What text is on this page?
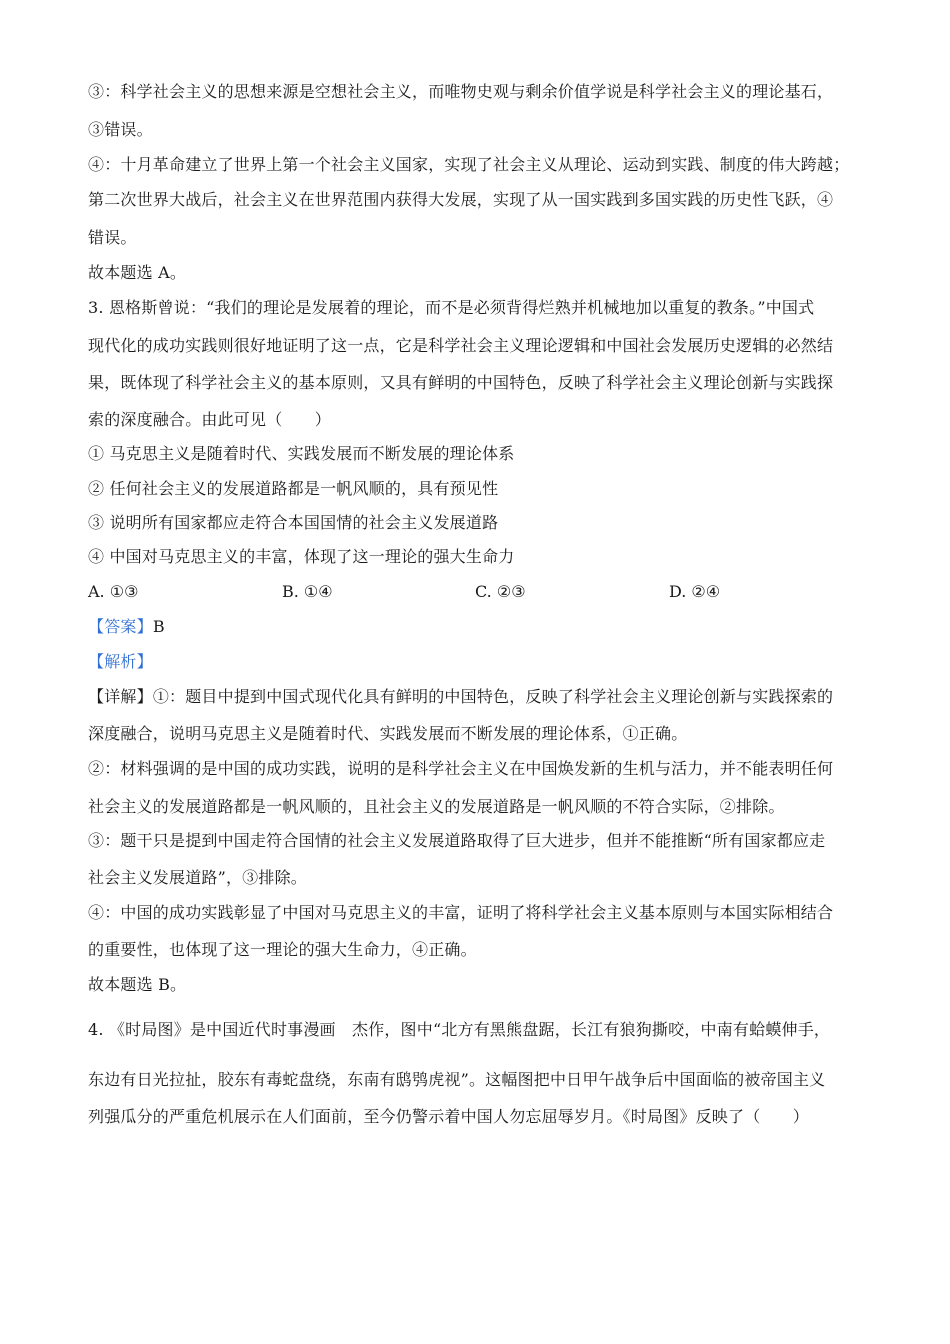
③：科学社会主义的思想来源是空想社会主义，而唯物史观与剩余价值学说是科学社会主义的理论基石，
③错误。
④：十月革命建立了世界上第一个社会主义国家，实现了社会主义从理论、运动到实践、制度的伟大跨越；
第二次世界大战后，社会主义在世界范围内获得大发展，实现了从一国实践到多国实践的历史性飞跃，④
错误。
故本题选 A。
3. 恩格斯曾说：“我们的理论是发展着的理论，而不是必须背得烂熟并机械地加以重复的教条。”中国式
现代化的成功实践则很好地证明了这一点，它是科学社会主义理论逻辑和中国社会发展历史逻辑的必然结
果，既体现了科学社会主义的基本原则，又具有鲜明的中国特色，反映了科学社会主义理论创新与实践探
索的深度融合。由此可见（　　）
① 马克思主义是随着时代、实践发展而不断发展的理论体系
② 任何社会主义的发展道路都是一帆风顺的，具有预见性
③ 说明所有国家都应走符合本国国情的社会主义发展道路
④ 中国对马克思主义的丰富，体现了这一理论的强大生命力
A. ①③	B. ①④	C. ②③	D. ②④
【答案】B
【解析】
【详解】①：题目中提到中国式现代化具有鲜明的中国特色，反映了科学社会主义理论创新与实践探索的
深度融合，说明马克思主义是随着时代、实践发展而不断发展的理论体系，①正确。
②：材料强调的是中国的成功实践，说明的是科学社会主义在中国焕发新的生机与活力，并不能表明任何
社会主义的发展道路都是一帆风顺的，且社会主义的发展道路是一帆风顺的不符合实际，②排除。
③：题干只是提到中国走符合国情的社会主义发展道路取得了巨大进步，但并不能推断“所有国家都应走
社会主义发展道路”，③排除。
④：中国的成功实践彰显了中国对马克思主义的丰富，证明了将科学社会主义基本原则与本国实际相结合
的重要性，也体现了这一理论的强大生命力，④正确。
故本题选 B。
4. 《时局图》是中国近代时事漫画　杰作，图中“北方有黑熊盘踞，长江有狼狗撕咬，中南有蛤蟆伸手，
东边有日光拉扯，胶东有毒蛇盘绕，东南有鸱鸮虎视”。这幅图把中日甲午战争后中国面临的被帝国主义
列强瓜分的严重危机展示在人们面前，至今仍警示着中国人勿忘屈辱岁月。《时局图》反映了（　　）
